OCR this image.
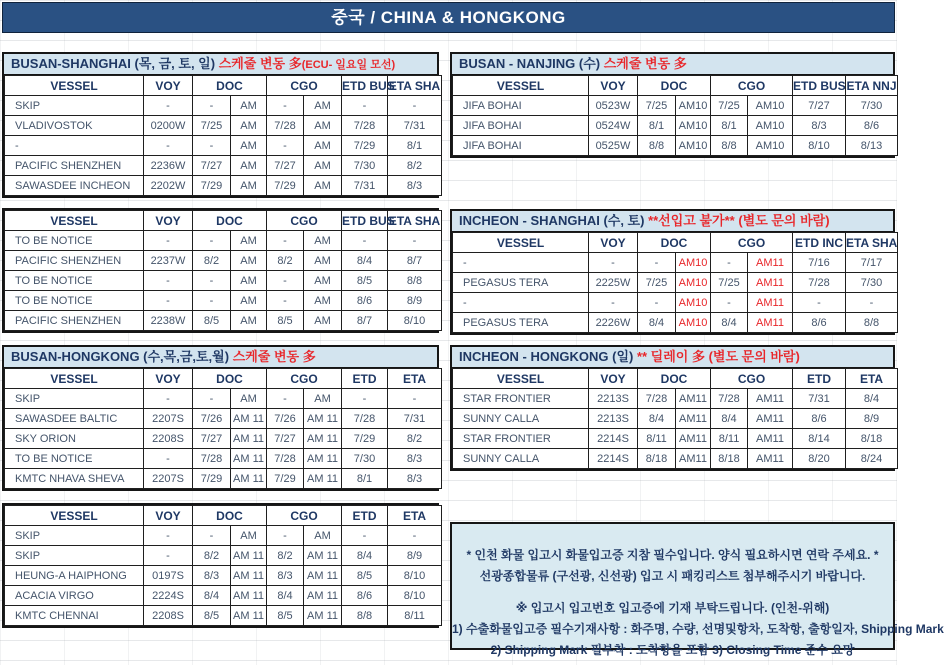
중국 / CHINA & HONGKONG
BUSAN-SHANGHAI (목, 금, 토, 일) 스케줄 변동 多(ECU- 일요일 모선)
VESSEL	VOY	DOC		CGO		ETD BUS	ETA SHA
SKIP	-	-	AM	-	AM	-	-
VLADIVOSTOK	0200W	7/25	AM	7/28	AM	7/28	7/31
-	-	-	AM	-	AM	7/29	8/1
PACIFIC SHENZHEN	2236W	7/27	AM	7/27	AM	7/30	8/2
SAWASDEE INCHEON	2202W	7/29	AM	7/29	AM	7/31	8/3
VESSEL	VOY	DOC		CGO		ETD BUS	ETA SHA
TO BE NOTICE	-	-	AM	-	AM	-	-
PACIFIC SHENZHEN	2237W	8/2	AM	8/2	AM	8/4	8/7
TO BE NOTICE	-	-	AM	-	AM	8/5	8/8
TO BE NOTICE	-	-	AM	-	AM	8/6	8/9
PACIFIC SHENZHEN	2238W	8/5	AM	8/5	AM	8/7	8/10
BUSAN-HONGKONG (수,목,금,토,월) 스케줄 변동 多
VESSEL	VOY	DOC		CGO		ETD	ETA
SKIP	-	-	AM	-	AM	-	-
SAWASDEE BALTIC	2207S	7/26	AM 11	7/26	AM 11	7/28	7/31
SKY ORION	2208S	7/27	AM 11	7/27	AM 11	7/29	8/2
TO BE NOTICE	-	7/28	AM 11	7/28	AM 11	7/30	8/3
KMTC NHAVA SHEVA	2207S	7/29	AM 11	7/29	AM 11	8/1	8/3
VESSEL	VOY	DOC		CGO		ETD	ETA
SKIP	-	-	AM	-	AM	-	-
SKIP	-	8/2	AM 11	8/2	AM 11	8/4	8/9
HEUNG-A HAIPHONG	0197S	8/3	AM 11	8/3	AM 11	8/5	8/10
ACACIA VIRGO	2224S	8/4	AM 11	8/4	AM 11	8/6	8/10
KMTC CHENNAI	2208S	8/5	AM 11	8/5	AM 11	8/8	8/11
BUSAN - NANJING (수) 스케줄 변동 多
VESSEL	VOY	DOC		CGO		ETD BUS	ETA NNJ
JIFA BOHAI	0523W	7/25	AM10	7/25	AM10	7/27	7/30
JIFA BOHAI	0524W	8/1	AM10	8/1	AM10	8/3	8/6
JIFA BOHAI	0525W	8/8	AM10	8/8	AM10	8/10	8/13
INCHEON - SHANGHAI (수, 토) **선입고 불가** (별도 문의 바람)
VESSEL	VOY	DOC		CGO		ETD INC	ETA SHA
-	-	-	AM10	-	AM11	7/16	7/17
PEGASUS TERA	2225W	7/25	AM10	7/25	AM11	7/28	7/30
-	-	-	AM10	-	AM11	-	-
PEGASUS TERA	2226W	8/4	AM10	8/4	AM11	8/6	8/8
INCHEON - HONGKONG (일) ** 딜레이 多 (별도 문의 바람)
VESSEL	VOY	DOC		CGO		ETD	ETA
STAR FRONTIER	2213S	7/28	AM11	7/28	AM11	7/31	8/4
SUNNY CALLA	2213S	8/4	AM11	8/4	AM11	8/6	8/9
STAR FRONTIER	2214S	8/11	AM11	8/11	AM11	8/14	8/18
SUNNY CALLA	2214S	8/18	AM11	8/18	AM11	8/20	8/24
* 인천 화물 입고시 화물입고증 지참 필수입니다. 양식 필요하시면 연락 주세요. *
선광종합물류 (구선광, 신선광) 입고 시 패킹리스트 첨부해주시기 바랍니다.
※ 입고시 입고번호 입고증에 기재 부탁드립니다. (인천-위해)
1) 수출화물입고증 필수기재사항 : 화주명, 수량, 선명및항차, 도착항, 출항일자, Shipping Mark
2) Shipping Mark 필부착 : 도착항을 포함 3) Closing Time 준수 요망
